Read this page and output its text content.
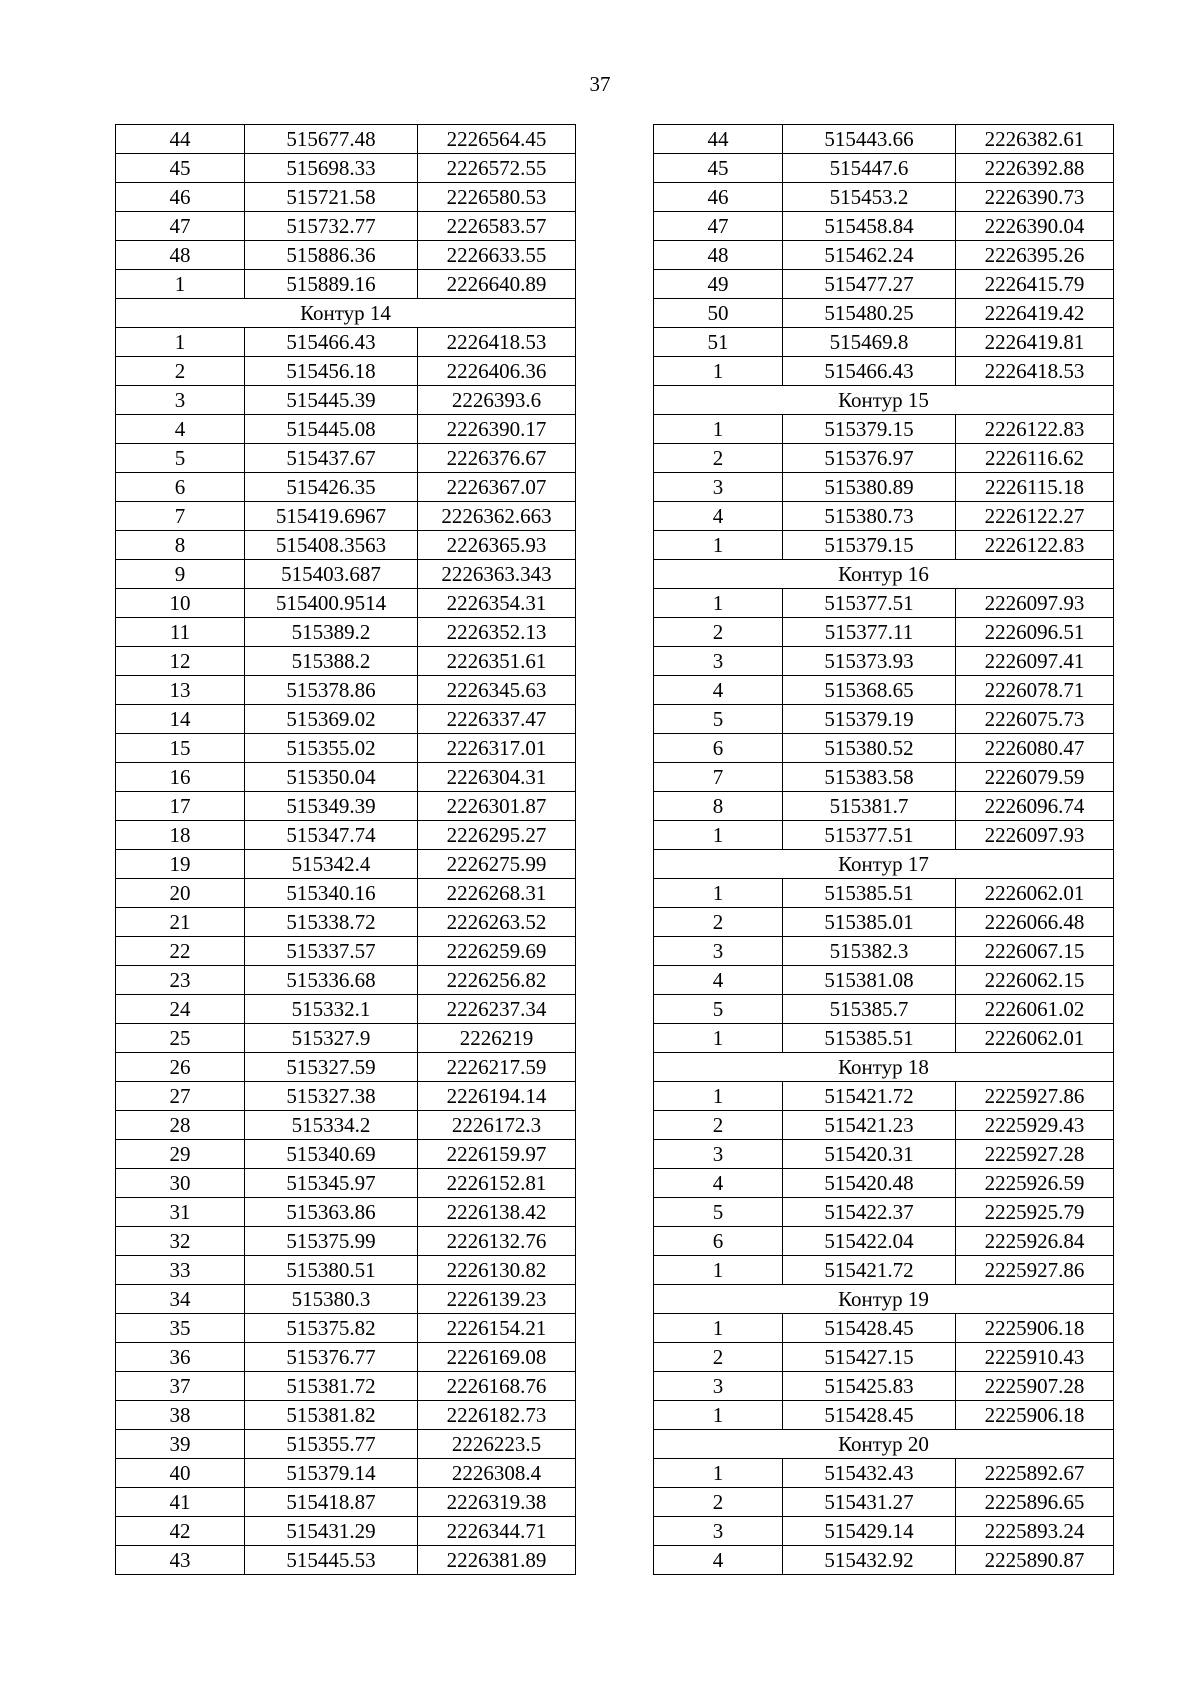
37
44	515677.48	2226564.45
45	515698.33	2226572.55
46	515721.58	2226580.53
47	515732.77	2226583.57
48	515886.36	2226633.55
1	515889.16	2226640.89
Контур 14		
1	515466.43	2226418.53
2	515456.18	2226406.36
3	515445.39	2226393.6
4	515445.08	2226390.17
5	515437.67	2226376.67
6	515426.35	2226367.07
7	515419.6967	2226362.663
8	515408.3563	2226365.93
9	515403.687	2226363.343
10	515400.9514	2226354.31
11	515389.2	2226352.13
12	515388.2	2226351.61
13	515378.86	2226345.63
14	515369.02	2226337.47
15	515355.02	2226317.01
16	515350.04	2226304.31
17	515349.39	2226301.87
18	515347.74	2226295.27
19	515342.4	2226275.99
20	515340.16	2226268.31
21	515338.72	2226263.52
22	515337.57	2226259.69
23	515336.68	2226256.82
24	515332.1	2226237.34
25	515327.9	2226219
26	515327.59	2226217.59
27	515327.38	2226194.14
28	515334.2	2226172.3
29	515340.69	2226159.97
30	515345.97	2226152.81
31	515363.86	2226138.42
32	515375.99	2226132.76
33	515380.51	2226130.82
34	515380.3	2226139.23
35	515375.82	2226154.21
36	515376.77	2226169.08
37	515381.72	2226168.76
38	515381.82	2226182.73
39	515355.77	2226223.5
40	515379.14	2226308.4
41	515418.87	2226319.38
42	515431.29	2226344.71
43	515445.53	2226381.89
44	515443.66	2226382.61
45	515447.6	2226392.88
46	515453.2	2226390.73
47	515458.84	2226390.04
48	515462.24	2226395.26
49	515477.27	2226415.79
50	515480.25	2226419.42
51	515469.8	2226419.81
1	515466.43	2226418.53
Контур 15		
1	515379.15	2226122.83
2	515376.97	2226116.62
3	515380.89	2226115.18
4	515380.73	2226122.27
1	515379.15	2226122.83
Контур 16		
1	515377.51	2226097.93
2	515377.11	2226096.51
3	515373.93	2226097.41
4	515368.65	2226078.71
5	515379.19	2226075.73
6	515380.52	2226080.47
7	515383.58	2226079.59
8	515381.7	2226096.74
1	515377.51	2226097.93
Контур 17		
1	515385.51	2226062.01
2	515385.01	2226066.48
3	515382.3	2226067.15
4	515381.08	2226062.15
5	515385.7	2226061.02
1	515385.51	2226062.01
Контур 18		
1	515421.72	2225927.86
2	515421.23	2225929.43
3	515420.31	2225927.28
4	515420.48	2225926.59
5	515422.37	2225925.79
6	515422.04	2225926.84
1	515421.72	2225927.86
Контур 19		
1	515428.45	2225906.18
2	515427.15	2225910.43
3	515425.83	2225907.28
1	515428.45	2225906.18
Контур 20		
1	515432.43	2225892.67
2	515431.27	2225896.65
3	515429.14	2225893.24
4	515432.92	2225890.87
